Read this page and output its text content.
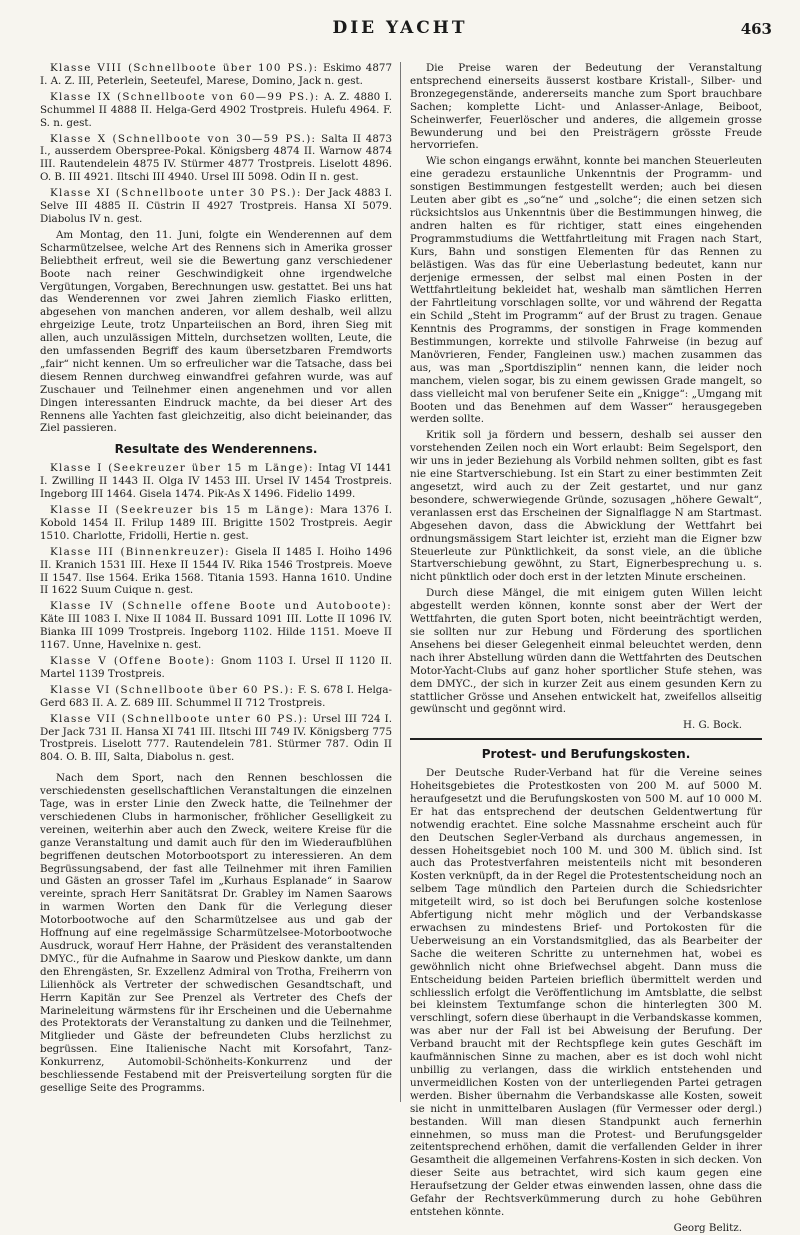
DIE YACHT	463

Klasse VIII (Schnellboote über 100 PS.): Eskimo 4877 I. A. Z. III, Peterlein, Seeteufel, Marese, Domino, Jack n. gest.

Klasse IX (Schnellboote von 60—99 PS.): A. Z. 4880 I. Schummel II 4888 II. Helga-Gerd 4902 Trostpreis. Hulefu 4964. F. S. n. gest.

Klasse X (Schnellboote von 30—59 PS.): Salta II 4873 I., ausserdem Oberspree-Pokal. Königsberg 4874 II. Warnow 4874 III. Rautendelein 4875 IV. Stürmer 4877 Trostpreis. Liselott 4896. O. B. III 4921. Iltschi III 4940. Ursel III 5098. Odin II n. gest.

Klasse XI (Schnellboote unter 30 PS.): Der Jack 4883 I. Selve III 4885 II. Cüstrin II 4927 Trostpreis. Hansa XI 5079. Diabolus IV n. gest.

Am Montag, den 11. Juni, folgte ein Wenderennen auf dem Scharmützelsee, welche Art des Rennens sich in Amerika grosser Beliebtheit erfreut, weil sie die Bewertung ganz verschiedener Boote nach reiner Geschwindigkeit ohne irgendwelche Vergütungen, Vorgaben, Berechnungen usw. gestattet. Bei uns hat das Wenderennen vor zwei Jahren ziemlich Fiasko erlitten, abgesehen von manchen anderen, vor allem deshalb, weil allzu ehrgeizige Leute, trotz Unparteiischen an Bord, ihren Sieg mit allen, auch unzulässigen Mitteln, durchsetzen wollten, Leute, die den umfassenden Begriff des kaum übersetzbaren Fremdworts „fair“ nicht kennen. Um so erfreulicher war die Tatsache, dass bei diesem Rennen durchweg einwandfrei gefahren wurde, was auf Zuschauer und Teilnehmer einen angenehmen und vor allen Dingen interessanten Eindruck machte, da bei dieser Art des Rennens alle Yachten fast gleichzeitig, also dicht beieinander, das Ziel passieren.

Resultate des Wenderennens.

Klasse I (Seekreuzer über 15 m Länge): Intag VI 1441 I. Zwilling II 1443 II. Olga IV 1453 III. Ursel IV 1454 Trostpreis. Ingeborg III 1464. Gisela 1474. Pik-As X 1496. Fidelio 1499.

Klasse II (Seekreuzer bis 15 m Länge): Mara 1376 I. Kobold 1454 II. Frilup 1489 III. Brigitte 1502 Trostpreis. Aegir 1510. Charlotte, Fridolli, Hertie n. gest.

Klasse III (Binnenkreuzer): Gisela II 1485 I. Hoiho 1496 II. Kranich 1531 III. Hexe II 1544 IV. Rika 1546 Trostpreis. Moeve II 1547. Ilse 1564. Erika 1568. Titania 1593. Hanna 1610. Undine II 1622 Suum Cuique n. gest.

Klasse IV (Schnelle offene Boote und Autoboote): Käte III 1083 I. Nixe II 1084 II. Bussard 1091 III. Lotte II 1096 IV. Bianka III 1099 Trostpreis. Ingeborg 1102. Hilde 1151. Moeve II 1167. Unne, Havelnixe n. gest.

Klasse V (Offene Boote): Gnom 1103 I. Ursel II 1120 II. Martel 1139 Trostpreis.

Klasse VI (Schnellboote über 60 PS.): F. S. 678 I. Helga-Gerd 683 II. A. Z. 689 III. Schummel II 712 Trostpreis.

Klasse VII (Schnellboote unter 60 PS.): Ursel III 724 I. Der Jack 731 II. Hansa XI 741 III. Iltschi III 749 IV. Königsberg 775 Trostpreis. Liselott 777. Rautendelein 781. Stürmer 787. Odin II 804. O. B. III, Salta, Diabolus n. gest.

Nach dem Sport, nach den Rennen beschlossen die verschiedensten gesellschaftlichen Veranstaltungen die einzelnen Tage, was in erster Linie den Zweck hatte, die Teilnehmer der verschiedenen Clubs in harmonischer, fröhlicher Geselligkeit zu vereinen, weiterhin aber auch den Zweck, weitere Kreise für die ganze Veranstaltung und damit auch für den im Wiederaufblühen begriffenen deutschen Motorbootsport zu interessieren. An dem Begrüssungsabend, der fast alle Teilnehmer mit ihren Familien und Gästen an grosser Tafel im „Kurhaus Esplanade“ in Saarow vereinte, sprach Herr Sanitätsrat Dr. Grabley im Namen Saarows in warmen Worten den Dank für die Verlegung dieser Motorbootwoche auf den Scharmützelsee aus und gab der Hoffnung auf eine regelmässige Scharmützelsee-Motorbootwoche Ausdruck, worauf Herr Hahne, der Präsident des veranstaltenden DMYC., für die Aufnahme in Saarow und Pieskow dankte, um dann den Ehrengästen, Sr. Exzellenz Admiral von Trotha, Freiherrn von Lilienhöck als Vertreter der schwedischen Gesandtschaft, und Herrn Kapitän zur See Prenzel als Vertreter des Chefs der Marineleitung wärmstens für ihr Erscheinen und die Uebernahme des Protektorats der Veranstaltung zu danken und die Teilnehmer, Mitglieder und Gäste der befreundeten Clubs herzlichst zu begrüssen. Eine Italienische Nacht mit Korsofahrt, Tanz-Konkurrenz, Automobil-Schönheits-Konkurrenz und der beschliessende Festabend mit der Preisverteilung sorgten für die gesellige Seite des Programms.

Die Preise waren der Bedeutung der Veranstaltung entsprechend einerseits äusserst kostbare Kristall-, Silber- und Bronzegegenstände, andererseits manche zum Sport brauchbare Sachen; komplette Licht- und Anlasser-Anlage, Beiboot, Scheinwerfer, Feuerlöscher und anderes, die allgemein grosse Bewunderung und bei den Preisträgern grösste Freude hervorriefen.

Wie schon eingangs erwähnt, konnte bei manchen Steuerleuten eine geradezu erstaunliche Unkenntnis der Programm- und sonstigen Bestimmungen festgestellt werden; auch bei diesen Leuten aber gibt es „so“ne“ und „solche“; die einen setzen sich rücksichtslos aus Unkenntnis über die Bestimmungen hinweg, die andren halten es für richtiger, statt eines eingehenden Programmstudiums die Wettfahrtleitung mit Fragen nach Start, Kurs, Bahn und sonstigen Elementen für das Rennen zu belästigen. Was das für eine Ueberlastung bedeutet, kann nur derjenige ermessen, der selbst mal einen Posten in der Wettfahrtleitung bekleidet hat, weshalb man sämtlichen Herren der Fahrtleitung vorschlagen sollte, vor und während der Regatta ein Schild „Steht im Programm“ auf der Brust zu tragen. Genaue Kenntnis des Programms, der sonstigen in Frage kommenden Bestimmungen, korrekte und stilvolle Fahrweise (in bezug auf Manövrieren, Fender, Fangleinen usw.) machen zusammen das aus, was man „Sportdisziplin“ nennen kann, die leider noch manchem, vielen sogar, bis zu einem gewissen Grade mangelt, so dass vielleicht mal von berufener Seite ein „Knigge“: „Umgang mit Booten und das Benehmen auf dem Wasser“ herausgegeben werden sollte.

Kritik soll ja fördern und bessern, deshalb sei ausser den vorstehenden Zeilen noch ein Wort erlaubt: Beim Segelsport, den wir uns in jeder Beziehung als Vorbild nehmen sollten, gibt es fast nie eine Startverschiebung. Ist ein Start zu einer bestimmten Zeit angesetzt, wird auch zu der Zeit gestartet, und nur ganz besondere, schwerwiegende Gründe, sozusagen „höhere Gewalt“, veranlassen erst das Erscheinen der Signalflagge N am Startmast. Abgesehen davon, dass die Abwicklung der Wettfahrt bei ordnungsmässigem Start leichter ist, erzieht man die Eigner bzw Steuerleute zur Pünktlichkeit, da sonst viele, an die übliche Startverschiebung gewöhnt, zu Start, Eignerbesprechung u. s. nicht pünktlich oder doch erst in der letzten Minute erscheinen.

Durch diese Mängel, die mit einigem guten Willen leicht abgestellt werden können, konnte sonst aber der Wert der Wettfahrten, die guten Sport boten, nicht beeinträchtigt werden, sie sollten nur zur Hebung und Förderung des sportlichen Ansehens bei dieser Gelegenheit einmal beleuchtet werden, denn nach ihrer Abstellung würden dann die Wettfahrten des Deutschen Motor-Yacht-Clubs auf ganz hoher sportlicher Stufe stehen, was dem DMYC., der sich in kurzer Zeit aus einem gesunden Kern zu stattlicher Grösse und Ansehen entwickelt hat, zweifellos allseitig gewünscht und gegönnt wird.

H. G. Bock.

Protest- und Berufungskosten.

Der Deutsche Ruder-Verband hat für die Vereine seines Hoheitsgebietes die Protestkosten von 200 M. auf 5000 M. heraufgesetzt und die Berufungskosten von 500 M. auf 10 000 M. Er hat das entsprechend der deutschen Geldentwertung für notwendig erachtet. Eine solche Massnahme erscheint auch für den Deutschen Segler-Verband als durchaus angemessen, in dessen Hoheitsgebiet noch 100 M. und 300 M. üblich sind. Ist auch das Protestverfahren meistenteils nicht mit besonderen Kosten verknüpft, da in der Regel die Protestentscheidung noch an selbem Tage mündlich den Parteien durch die Schiedsrichter mitgeteilt wird, so ist doch bei Berufungen solche kostenlose Abfertigung nicht mehr möglich und der Verbandskasse erwachsen zu mindestens Brief- und Portokosten für die Ueberweisung an ein Vorstandsmitglied, das als Bearbeiter der Sache die weiteren Schritte zu unternehmen hat, wobei es gewöhnlich nicht ohne Briefwechsel abgeht. Dann muss die Entscheidung beiden Parteien brieflich übermittelt werden und schliesslich erfolgt die Veröffentlichung im Amtsblatte, die selbst bei kleinstem Textumfange schon die hinterlegten 300 M. verschlingt, sofern diese überhaupt in die Verbandskasse kommen, was aber nur der Fall ist bei Abweisung der Berufung. Der Verband braucht mit der Rechtspflege kein gutes Geschäft im kaufmännischen Sinne zu machen, aber es ist doch wohl nicht unbillig zu verlangen, dass die wirklich entstehenden und unvermeidlichen Kosten von der unterliegenden Partei getragen werden. Bisher übernahm die Verbandskasse alle Kosten, soweit sie nicht in unmittelbaren Auslagen (für Vermesser oder dergl.) bestanden. Will man diesen Standpunkt auch fernerhin einnehmen, so muss man die Protest- und Berufungsgelder zeitentsprechend erhöhen, damit die verfallenden Gelder in ihrer Gesamtheit die allgemeinen Verfahrens-Kosten in sich decken. Von dieser Seite aus betrachtet, wird sich kaum gegen eine Heraufsetzung der Gelder etwas einwenden lassen, ohne dass die Gefahr der Rechtsverkümmerung durch zu hohe Gebühren entstehen könnte.

Georg Belitz.
